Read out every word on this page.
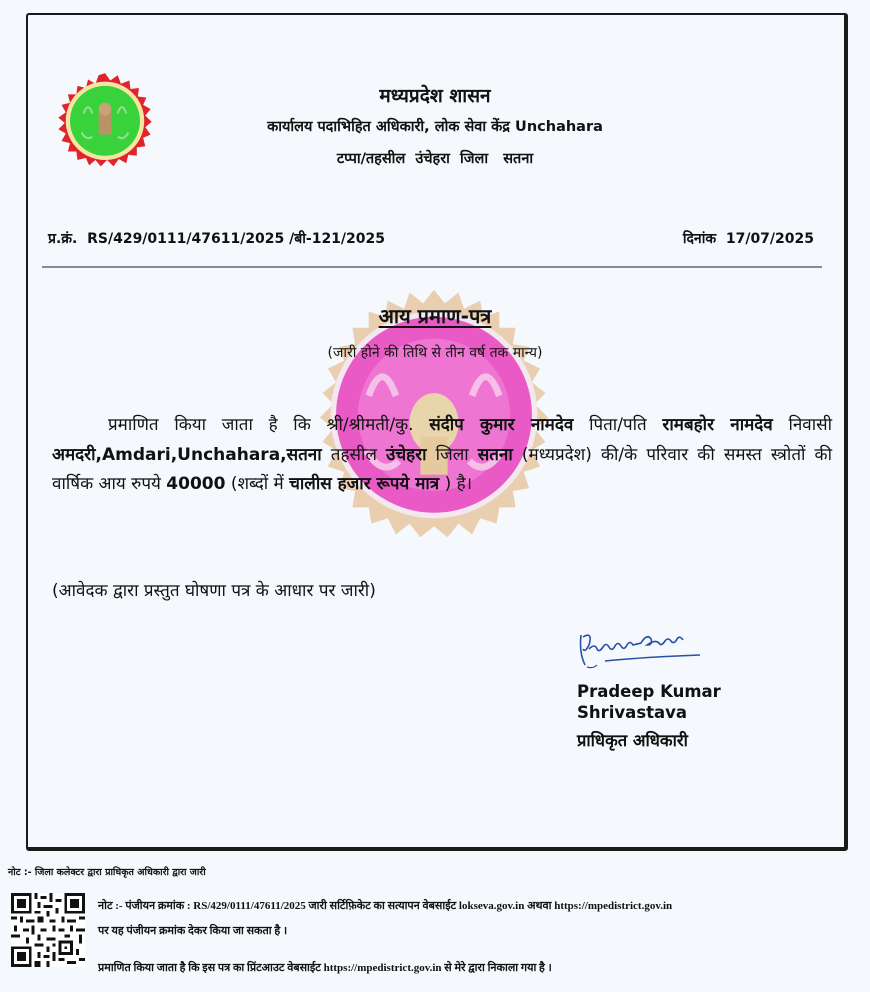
मध्यप्रदेश शासन
कार्यालय पदाभिहित अधिकारी, लोक सेवा केंद्र Unchahara
टप्पा/तहसील  उंचेहरा  जिला   सतना
प्र.क्रं. RS/429/0111/47611/2025 /बी-121/2025	दिनांक 17/07/2025
आय प्रमाण-पत्र
(जारी होने की तिथि से तीन वर्ष तक मान्य)
प्रमाणित किया जाता है कि श्री/श्रीमती/कु. संदीप कुमार नामदेव पिता/पति रामबहोर नामदेव निवासी अमदरी,Amdari,Unchahara,सतना तहसील उंचेहरा जिला सतना (मध्यप्रदेश) की/के परिवार की समस्त स्त्रोतों की वार्षिक आय रुपये 40000 (शब्दों में चालीस हजार रूपये मात्र ) है।
(आवेदक द्वारा प्रस्तुत घोषणा पत्र के आधार पर जारी)
Pradeep Kumar
Shrivastava
प्राधिकृत अधिकारी
नोट :- जिला कलेक्टर द्वारा प्राधिकृत अधिकारी द्वारा जारी
नोट :- पंजीयन क्रमांक : RS/429/0111/47611/2025 जारी सर्टिफ़िकेट का सत्यापन वेबसाईट lokseva.gov.in अथवा https://mpedistrict.gov.in
पर यह पंजीयन क्रमांक देकर किया जा सकता है ।
प्रमाणित किया जाता है कि इस पत्र का प्रिंटआउट वेबसाईट https://mpedistrict.gov.in से मेरे द्वारा निकाला गया है ।
